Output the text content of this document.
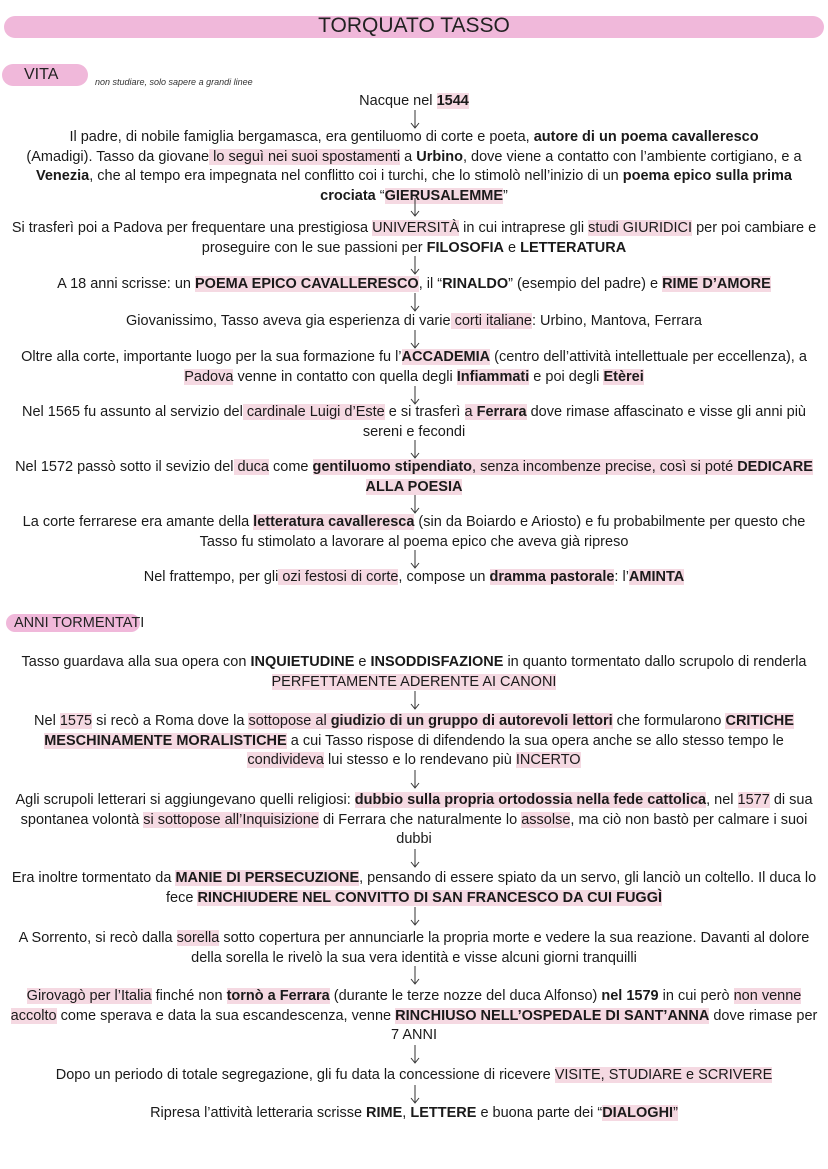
TORQUATO TASSO
VITA	non studiare, solo sapere a grandi linee
Nacque nel 1544
Il padre, di nobile famiglia bergamasca, era gentiluomo di corte e poeta, autore di un poema cavalleresco
(Amadigi). Tasso da giovane lo seguì nei suoi spostamenti a Urbino, dove viene a contatto con l’ambiente cortigiano, e a Venezia, che al tempo era impegnata nel conflitto coi i turchi, che lo stimolò nell’inizio di un poema epico sulla prima crociata “GIERUSALEMME”
Si trasferì poi a Padova per frequentare una prestigiosa UNIVERSITÀ in cui intraprese gli studi GIURIDICI per poi cambiare e proseguire con le sue passioni per FILOSOFIA e LETTERATURA
A 18 anni scrisse: un POEMA EPICO CAVALLERESCO, il “RINALDO” (esempio del padre) e RIME D’AMORE
Giovanissimo, Tasso aveva gia esperienza di varie corti italiane: Urbino, Mantova, Ferrara
Oltre alla corte, importante luogo per la sua formazione fu l’ACCADEMIA (centro dell’attività intellettuale per eccellenza), a Padova venne in contatto con quella degli Infiammati e poi degli Etèrei
Nel 1565 fu assunto al servizio del cardinale Luigi d’Este e si trasferì a Ferrara dove rimase affascinato e visse gli anni più sereni e fecondi
Nel 1572 passò sotto il sevizio del duca come gentiluomo stipendiato, senza incombenze precise, così si poté DEDICARE ALLA POESIA
La corte ferrarese era amante della letteratura cavalleresca (sin da Boiardo e Ariosto) e fu probabilmente per questo che Tasso fu stimolato a lavorare al poema epico che aveva già ripreso
Nel frattempo, per gli ozi festosi di corte, compose un dramma pastorale: l’AMINTA
ANNI TORMENTATI
Tasso guardava alla sua opera con INQUIETUDINE e INSODDISFAZIONE in quanto tormentato dallo scrupolo di renderla PERFETTAMENTE ADERENTE AI CANONI
Nel 1575 si recò a Roma dove la sottopose al giudizio di un gruppo di autorevoli lettori che formularono CRITICHE MESCHINAMENTE MORALISTICHE a cui Tasso rispose di difendendo la sua opera anche se allo stesso tempo le condivideva lui stesso e lo rendevano più INCERTO
Agli scrupoli letterari si aggiungevano quelli religiosi: dubbio sulla propria ortodossia nella fede cattolica, nel 1577 di sua spontanea volontà si sottopose all’Inquisizione di Ferrara che naturalmente lo assolse, ma ciò non bastò per calmare i suoi dubbi
Era inoltre tormentato da MANIE DI PERSECUZIONE, pensando di essere spiato da un servo, gli lanciò un coltello. Il duca lo fece RINCHIUDERE NEL CONVITTO DI SAN FRANCESCO DA CUI FUGGÌ
A Sorrento, si recò dalla sorella sotto copertura per annunciarle la propria morte e vedere la sua reazione. Davanti al dolore della sorella le rivelò la sua vera identità e visse alcuni giorni tranquilli
Girovagò per l’Italia finché non tornò a Ferrara (durante le terze nozze del duca Alfonso) nel 1579 in cui però non venne accolto come sperava e data la sua escandescenza, venne RINCHIUSO NELL’OSPEDALE DI SANT’ANNA dove rimase per 7 ANNI
Dopo un periodo di totale segregazione, gli fu data la concessione di ricevere VISITE, STUDIARE e SCRIVERE
Ripresa l’attività letteraria scrisse RIME, LETTERE e buona parte dei “DIALOGHI”
